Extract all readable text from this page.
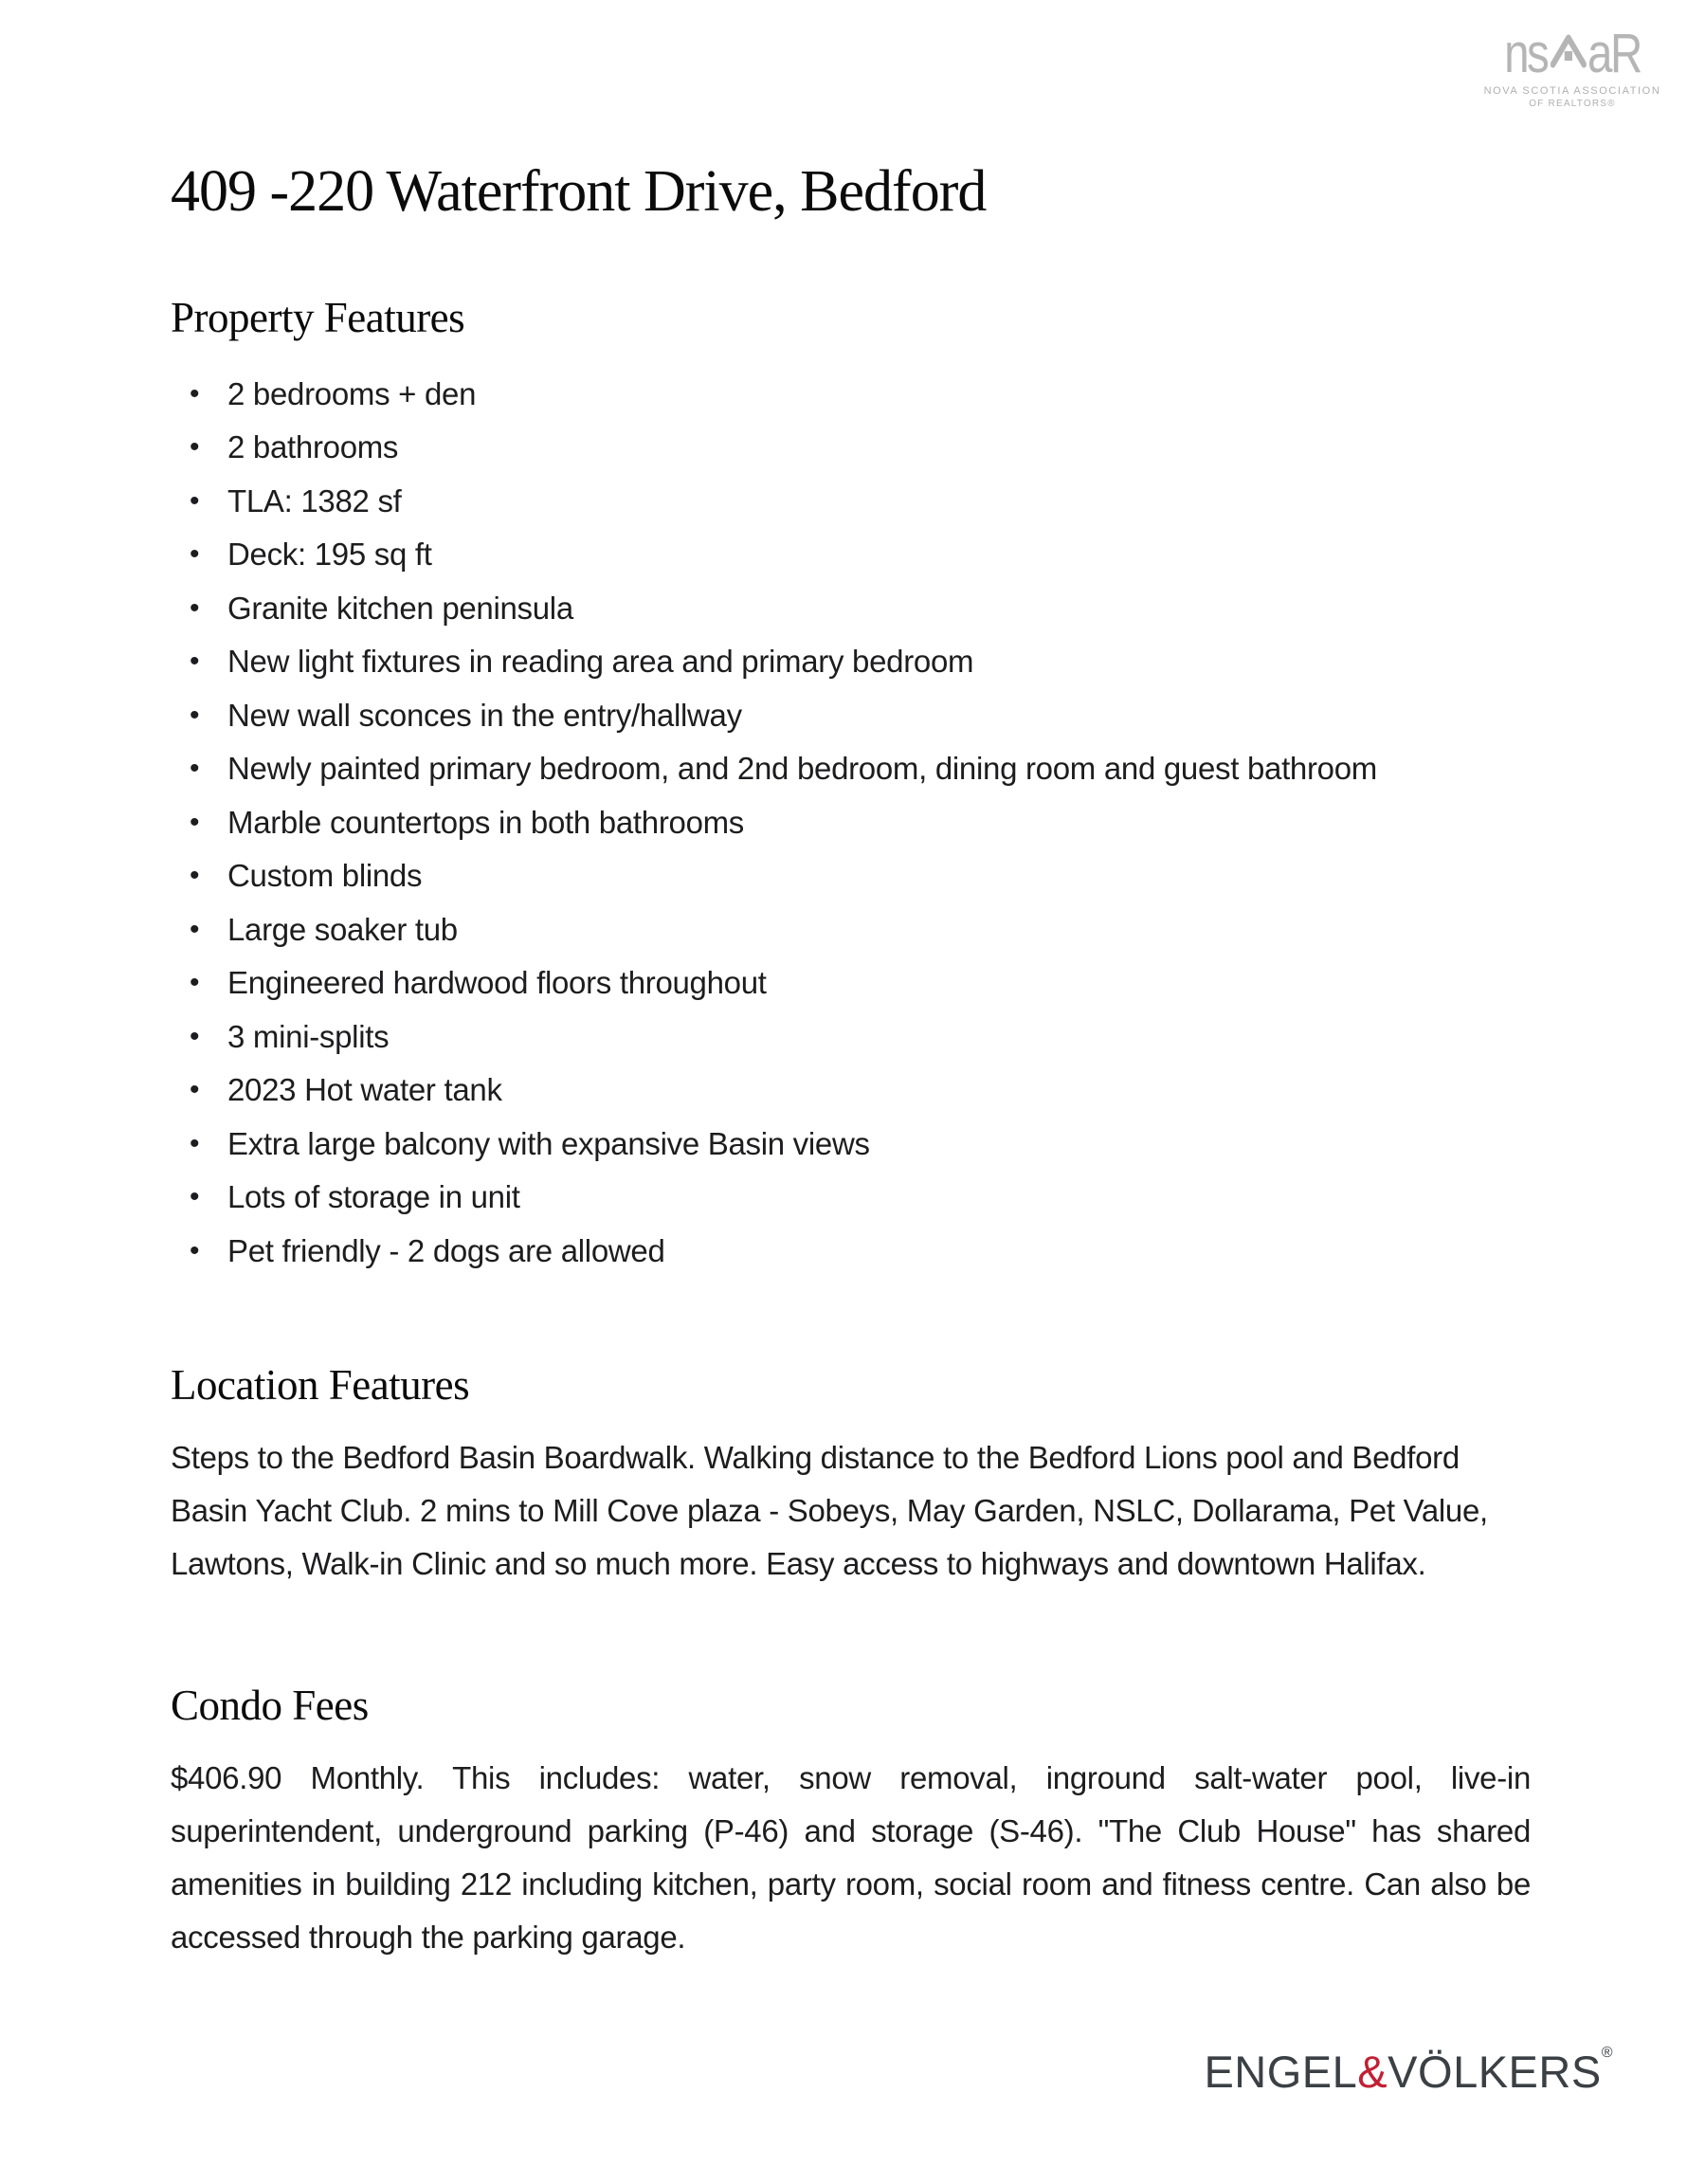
ns aR
NOVA SCOTIA ASSOCIATION
OF REALTORS®
409 -220 Waterfront Drive, Bedford
Property Features
• 2 bedrooms + den
• 2 bathrooms
• TLA: 1382 sf
• Deck: 195 sq ft
• Granite kitchen peninsula
• New light fixtures in reading area and primary bedroom
• New wall sconces in the entry/hallway
• Newly painted primary bedroom, and 2nd bedroom, dining room and guest bathroom
• Marble countertops in both bathrooms
• Custom blinds
• Large soaker tub
• Engineered hardwood floors throughout
• 3 mini-splits
• 2023 Hot water tank
• Extra large balcony with expansive Basin views
• Lots of storage in unit
• Pet friendly - 2 dogs are allowed
Location Features

Steps to the Bedford Basin Boardwalk. Walking distance to the Bedford Lions pool and Bedford Basin Yacht Club. 2 mins to Mill Cove plaza - Sobeys, May Garden, NSLC, Dollarama, Pet Value, Lawtons, Walk-in Clinic and so much more. Easy access to highways and downtown Halifax.

Condo Fees

$406.90 Monthly. This includes: water, snow removal, inground salt-water pool, live-in superintendent, underground parking (P-46) and storage (S-46). "The Club House" has shared amenities in building 212 including kitchen, party room, social room and fitness centre. Can also be accessed through the parking garage.

ENGEL&VÖLKERS®
